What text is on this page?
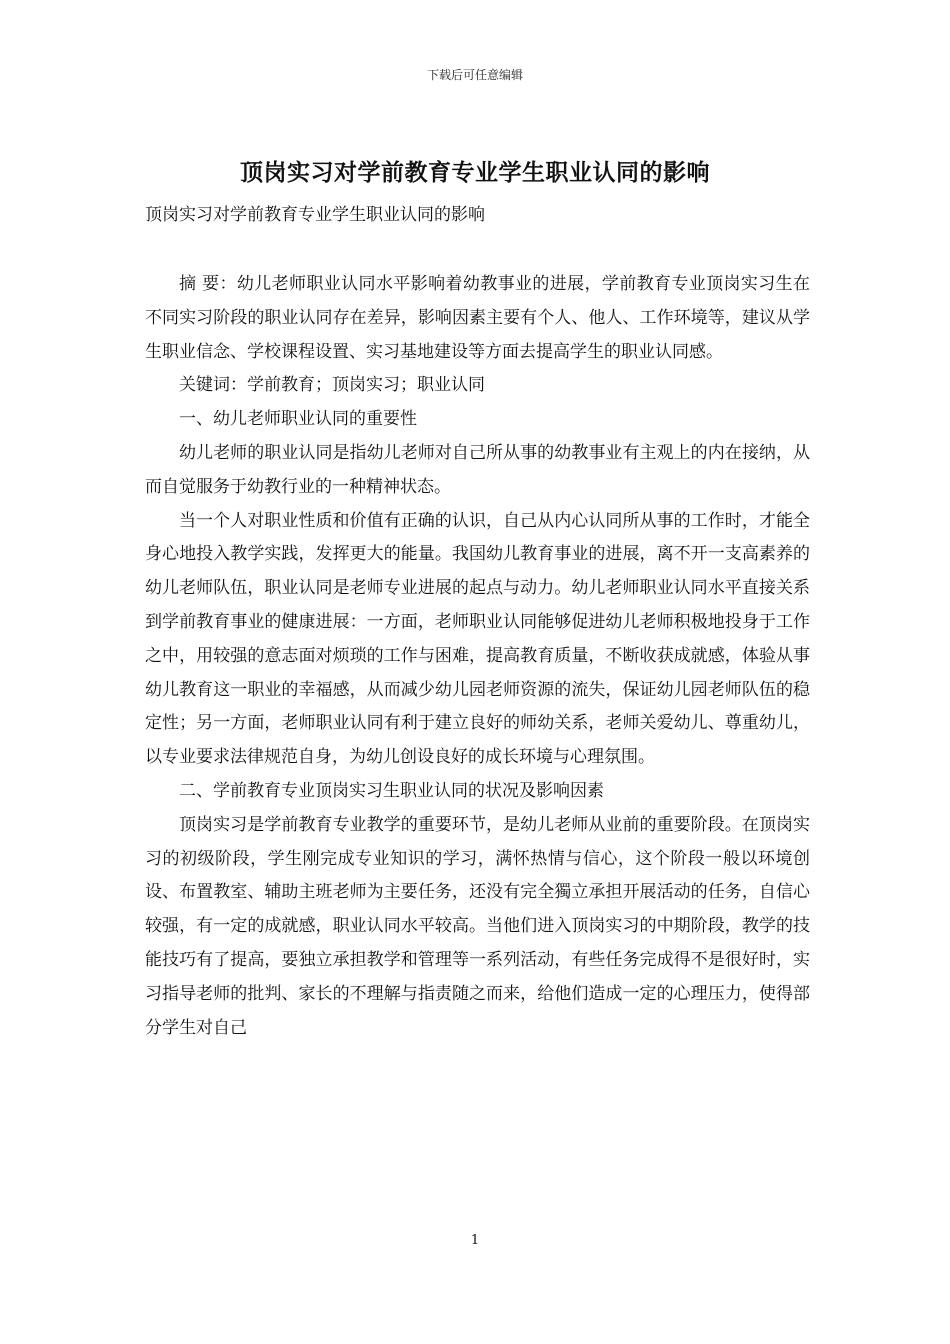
下载后可任意编辑
顶岗实习对学前教育专业学生职业认同的影响
顶岗实习对学前教育专业学生职业认同的影响

摘 要：幼儿老师职业认同水平影响着幼教事业的进展，学前教育专业顶岗实习生在不同实习阶段的职业认同存在差异，影响因素主要有个人、他人、工作环境等，建议从学生职业信念、学校课程设置、实习基地建设等方面去提高学生的职业认同感。

关键词：学前教育；顶岗实习；职业认同

一、幼儿老师职业认同的重要性

幼儿老师的职业认同是指幼儿老师对自己所从事的幼教事业有主观上的内在接纳，从而自觉服务于幼教行业的一种精神状态。

当一个人对职业性质和价值有正确的认识，自己从内心认同所从事的工作时，才能全身心地投入教学实践，发挥更大的能量。我国幼儿教育事业的进展，离不开一支高素养的幼儿老师队伍，职业认同是老师专业进展的起点与动力。幼儿老师职业认同水平直接关系到学前教育事业的健康进展：一方面，老师职业认同能够促进幼儿老师积极地投身于工作之中，用较强的意志面对烦琐的工作与困难，提高教育质量，不断收获成就感，体验从事幼儿教育这一职业的幸福感，从而减少幼儿园老师资源的流失，保证幼儿园老师队伍的稳定性；另一方面，老师职业认同有利于建立良好的师幼关系，老师关爱幼儿、尊重幼儿，以专业要求法律规范自身，为幼儿创设良好的成长环境与心理氛围。

二、学前教育专业顶岗实习生职业认同的状况及影响因素

顶岗实习是学前教育专业教学的重要环节，是幼儿老师从业前的重要阶段。在顶岗实习的初级阶段，学生刚完成专业知识的学习，满怀热情与信心，这个阶段一般以环境创设、布置教室、辅助主班老师为主要任务，还没有完全獨立承担开展活动的任务，自信心较强，有一定的成就感，职业认同水平较高。当他们进入顶岗实习的中期阶段，教学的技能技巧有了提高，要独立承担教学和管理等一系列活动，有些任务完成得不是很好时，实习指导老师的批判、家长的不理解与指责随之而来，给他们造成一定的心理压力，使得部分学生对自己

1
